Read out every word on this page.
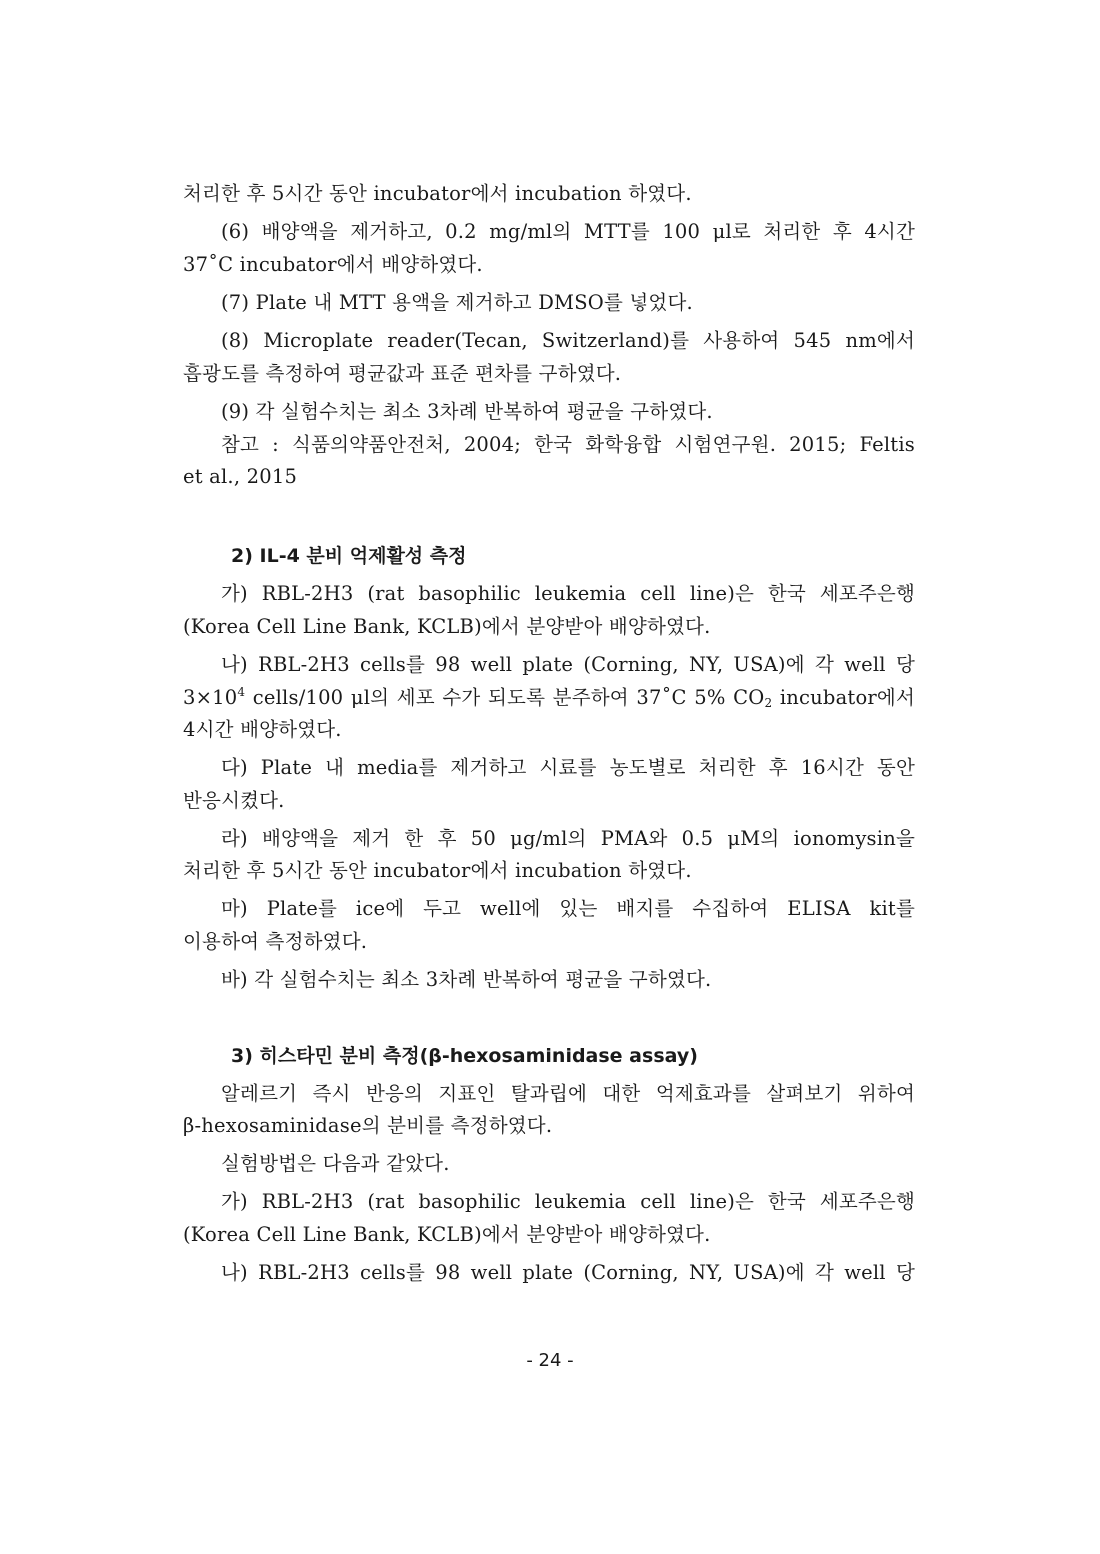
처리한 후 5시간 동안 incubator에서 incubation 하였다.
(6) 배양액을 제거하고, 0.2 mg/ml의 MTT를 100 μl로 처리한 후 4시간
37˚C incubator에서 배양하였다.
(7) Plate 내 MTT 용액을 제거하고 DMSO를 넣었다.
(8) Microplate reader(Tecan, Switzerland)를 사용하여 545 nm에서
흡광도를 측정하여 평균값과 표준 편차를 구하였다.
(9) 각 실험수치는 최소 3차례 반복하여 평균을 구하였다.
참고 : 식품의약품안전처, 2004; 한국 화학융합 시험연구원. 2015; Feltis
et al., 2015
2) IL-4 분비 억제활성 측정
가) RBL-2H3 (rat basophilic leukemia cell line)은 한국 세포주은행
(Korea Cell Line Bank, KCLB)에서 분양받아 배양하였다.
나) RBL-2H3 cells를 98 well plate (Corning, NY, USA)에 각 well 당
$3\times 10^4$ cells/100 μl의 세포 수가 되도록 분주하여 37˚C 5% $CO_2$ incubator에서
4시간 배양하였다.
다) Plate 내 media를 제거하고 시료를 농도별로 처리한 후 16시간 동안
반응시켰다.
라) 배양액을 제거 한 후 50 μg/ml의 PMA와 0.5 μM의 ionomysin을
처리한 후 5시간 동안 incubator에서 incubation 하였다.
마) Plate를 ice에 두고 well에 있는 배지를 수집하여 ELISA kit를
이용하여 측정하였다.
바) 각 실험수치는 최소 3차례 반복하여 평균을 구하였다.
3) 히스타민 분비 측정(β-hexosaminidase assay)
알레르기 즉시 반응의 지표인 탈과립에 대한 억제효과를 살펴보기 위하여
β-hexosaminidase의 분비를 측정하였다.
실험방법은 다음과 같았다.
가) RBL-2H3 (rat basophilic leukemia cell line)은 한국 세포주은행
(Korea Cell Line Bank, KCLB)에서 분양받아 배양하였다.
나) RBL-2H3 cells를 98 well plate (Corning, NY, USA)에 각 well 당
- 24 -
